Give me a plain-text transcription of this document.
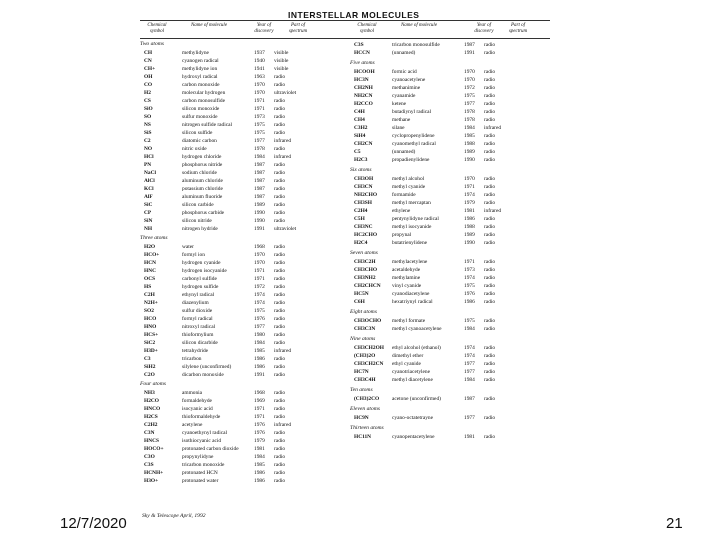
INTERSTELLAR MOLECULES
Chemical symbol
Name of molecule	Year of discovery
Part of spectrum
Chemical symbol
Name of molecule	Year of discovery
Part of spectrum
Two atoms
CH	methylidyne	1937 visible
CN	cyanogen radical	1940 visible
CH+	methylidyne ion	1941 visible
OH	hydroxyl radical	1963 radio
CO	carbon monoxide	1970 radio
H2	molecular hydrogen	1970 ultraviolet
CS	carbon monosulfide	1971 radio
SiO	silicon monoxide	1971 radio
SO	sulfur monoxide	1973 radio
NS	nitrogen sulfide radical	1975 radio
SiS	silicon sulfide	1975 radio
C2	diatomic carbon	1977 infrared
NO	nitric oxide	1978 radio
HCl	hydrogen chloride	1984 infrared
PN	phosphorus nitride	1987 radio
NaCl	sodium chloride	1987 radio
AlCl	aluminum chloride	1987 radio
KCl	potassium chloride	1987 radio
AlF	aluminum fluoride	1987 radio
SiC	silicon carbide	1989 radio
CP	phosphorus carbide	1990 radio
SiN	silicon nitride	1990 radio
NH	nitrogen hydride	1991 ultraviolet
Three atoms
H2O	water	1968 radio
HCO+	formyl ion	1970 radio
HCN	hydrogen cyanide	1970 radio
HNC	hydrogen isocyanide	1971 radio
OCS	carbonyl sulfide	1971 radio
HS	hydrogen sulfide	1972 radio
C2H	ethynyl radical	1974 radio
N2H+	diazenylium	1974 radio
SO2	sulfur dioxide	1975 radio
HCO	formyl radical	1976 radio
HNO	nitroxyl radical	1977 radio
HCS+	thioformylium	1980 radio
SiC2	silicon dicarbide	1984 radio
H3D+	tetrahydride	1985 infrared
C3	tricarbon	1986 radio
SiH2	silylene (unconfirmed)	1986 radio
C2O	dicarbon monoxide	1991 radio
Four atoms
NH3	ammonia	1968 radio
H2CO	formaldehyde	1969 radio
HNCO	isocyanic acid	1971 radio
H2CS	thioformaldehyde	1971 radio
C2H2	acetylene	1976 infrared
C3N	cyanoethynyl radical	1976 radio
HNCS	isothiocyanic acid	1979 radio
HOCO+	protonated carbon dioxide	1981 radio
C3O	propynylidyne	1984 radio
C3S	tricarbon monoxide	1985 radio
HCNH+	protonated HCN	1986 radio
H3O+	protonated water	1986 radio
C3S	tricarbon monosulfide	1987 radio
HCCN	(unnamed)	1991 radio
Five atoms
HCOOH	formic acid	1970 radio
HC3N	cyanoacetylene	1970 radio
CH2NH	methanimine	1972 radio
NH2CN	cyanamide	1975 radio
H2CCO	ketene	1977 radio
C4H	butadiynyl radical	1978 radio
CH4	methane	1978 radio
C3H2	silane	1984 infrared
SiH4	cyclopropenylidene	1985 radio
CH2CN	cyanomethyl radical	1988 radio
C5	(unnamed)	1989 radio
H2C3	propadienylidene	1990 radio
Six atoms
CH3OH	methyl alcohol	1970 radio
CH3CN	methyl cyanide	1971 radio
NH2CHO	formamide	1974 radio
CH3SH	methyl mercaptan	1979 radio
C2H4	ethylene	1981 infrared
C5H	pentynylidyne radical	1986 radio
CH3NC	methyl isocyanide	1988 radio
HC2CHO	propynal	1989 radio
H2C4	butatrienylidene	1990 radio
Seven atoms
CH3C2H	methylacetylene	1971 radio
CH3CHO	acetaldehyde	1973 radio
CH3NH2	methylamine	1974 radio
CH2CHCN vinyl cyanide	1975 radio
HC5N	cyanodiacetylene	1976 radio
C6H	hexatriynyl radical	1986 radio
Eight atoms
CH3OCHO methyl formate	1975 radio
CH3C3N	methyl cyanoacetylene	1984 radio
Nine atoms
CH3CH2OH ethyl alcohol (ethanol)	1974 radio
(CH3)2O	dimethyl ether	1974 radio
CH3CH2CN ethyl cyanide	1977 radio
HC7N	cyanotriacetylene	1977 radio
CH3C4H	methyl diacetylene	1984 radio
Ten atoms
(CH3)2CO acetone (unconfirmed)	1987 radio
Eleven atoms
HC9N	cyano-octatetrayne	1977 radio
Thirteen atoms
HC11N	cyanopentacetylene	1981 radio
Sky & Telescope April, 1992
12/7/2020	21
